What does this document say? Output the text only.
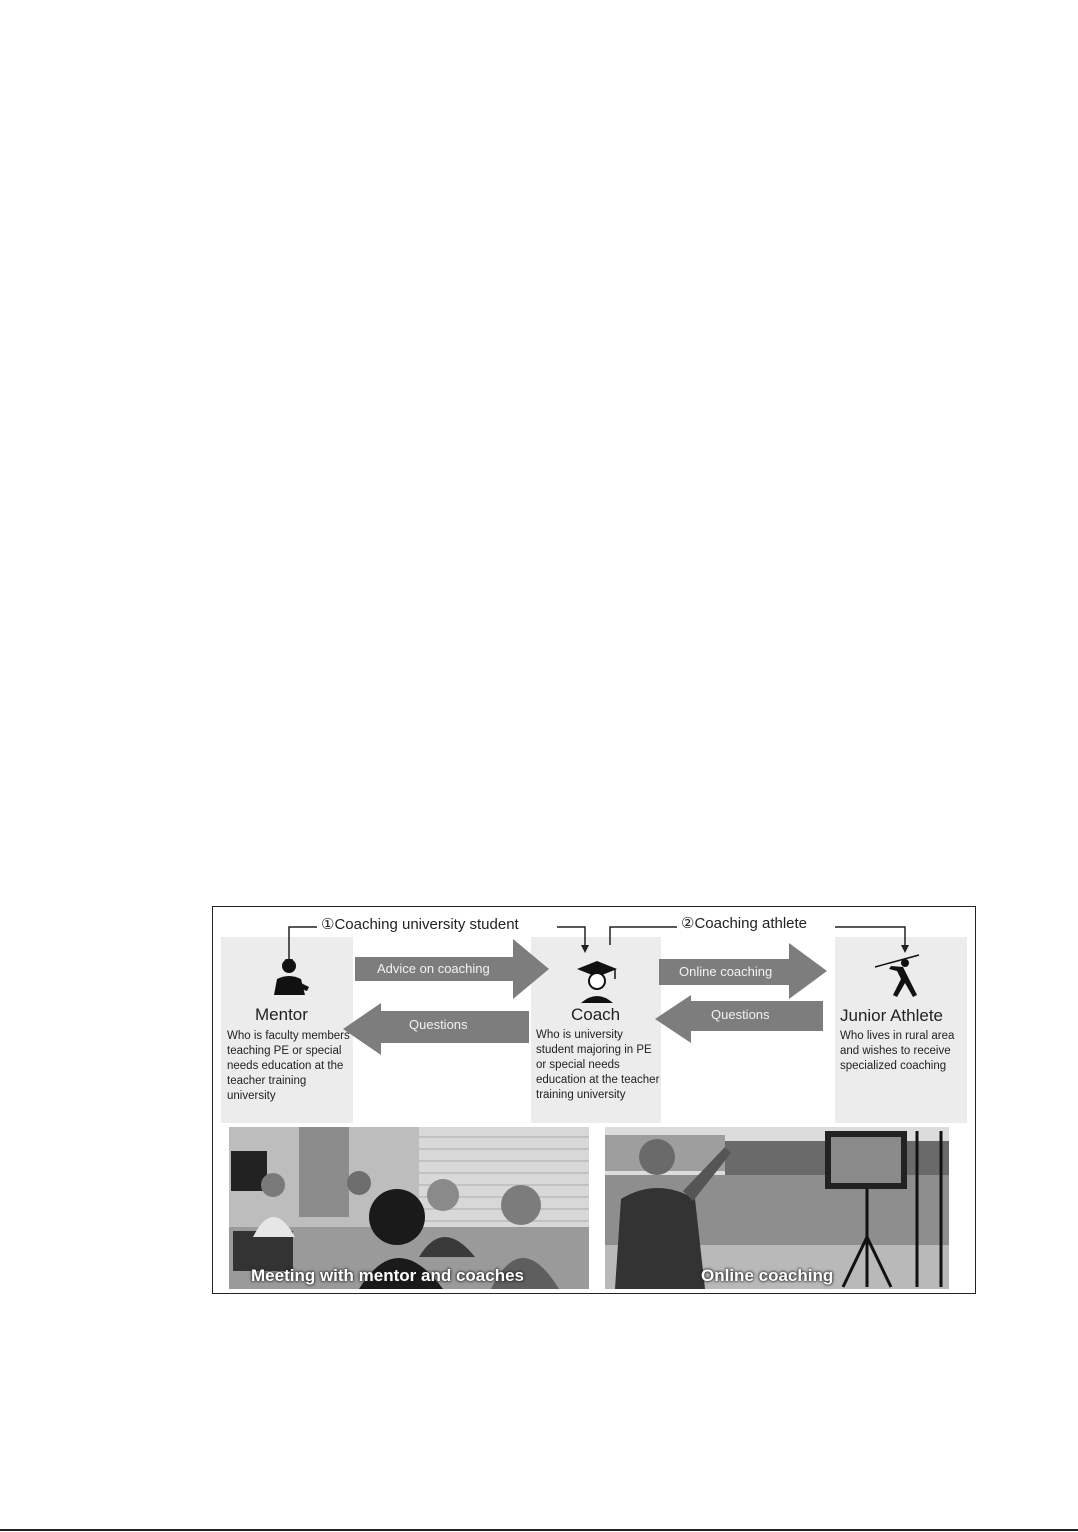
①Coaching university student	②Coaching athlete
Mentor
Who is faculty members teaching PE or special needs education at the teacher training university
Coach
Who is university student majoring in PE or special needs education at the teacher training university
Junior Athlete
Who lives in rural area and wishes to receive specialized coaching
Advice on coaching
Questions
Online coaching
Questions
Meeting with mentor and coaches	Online coaching
